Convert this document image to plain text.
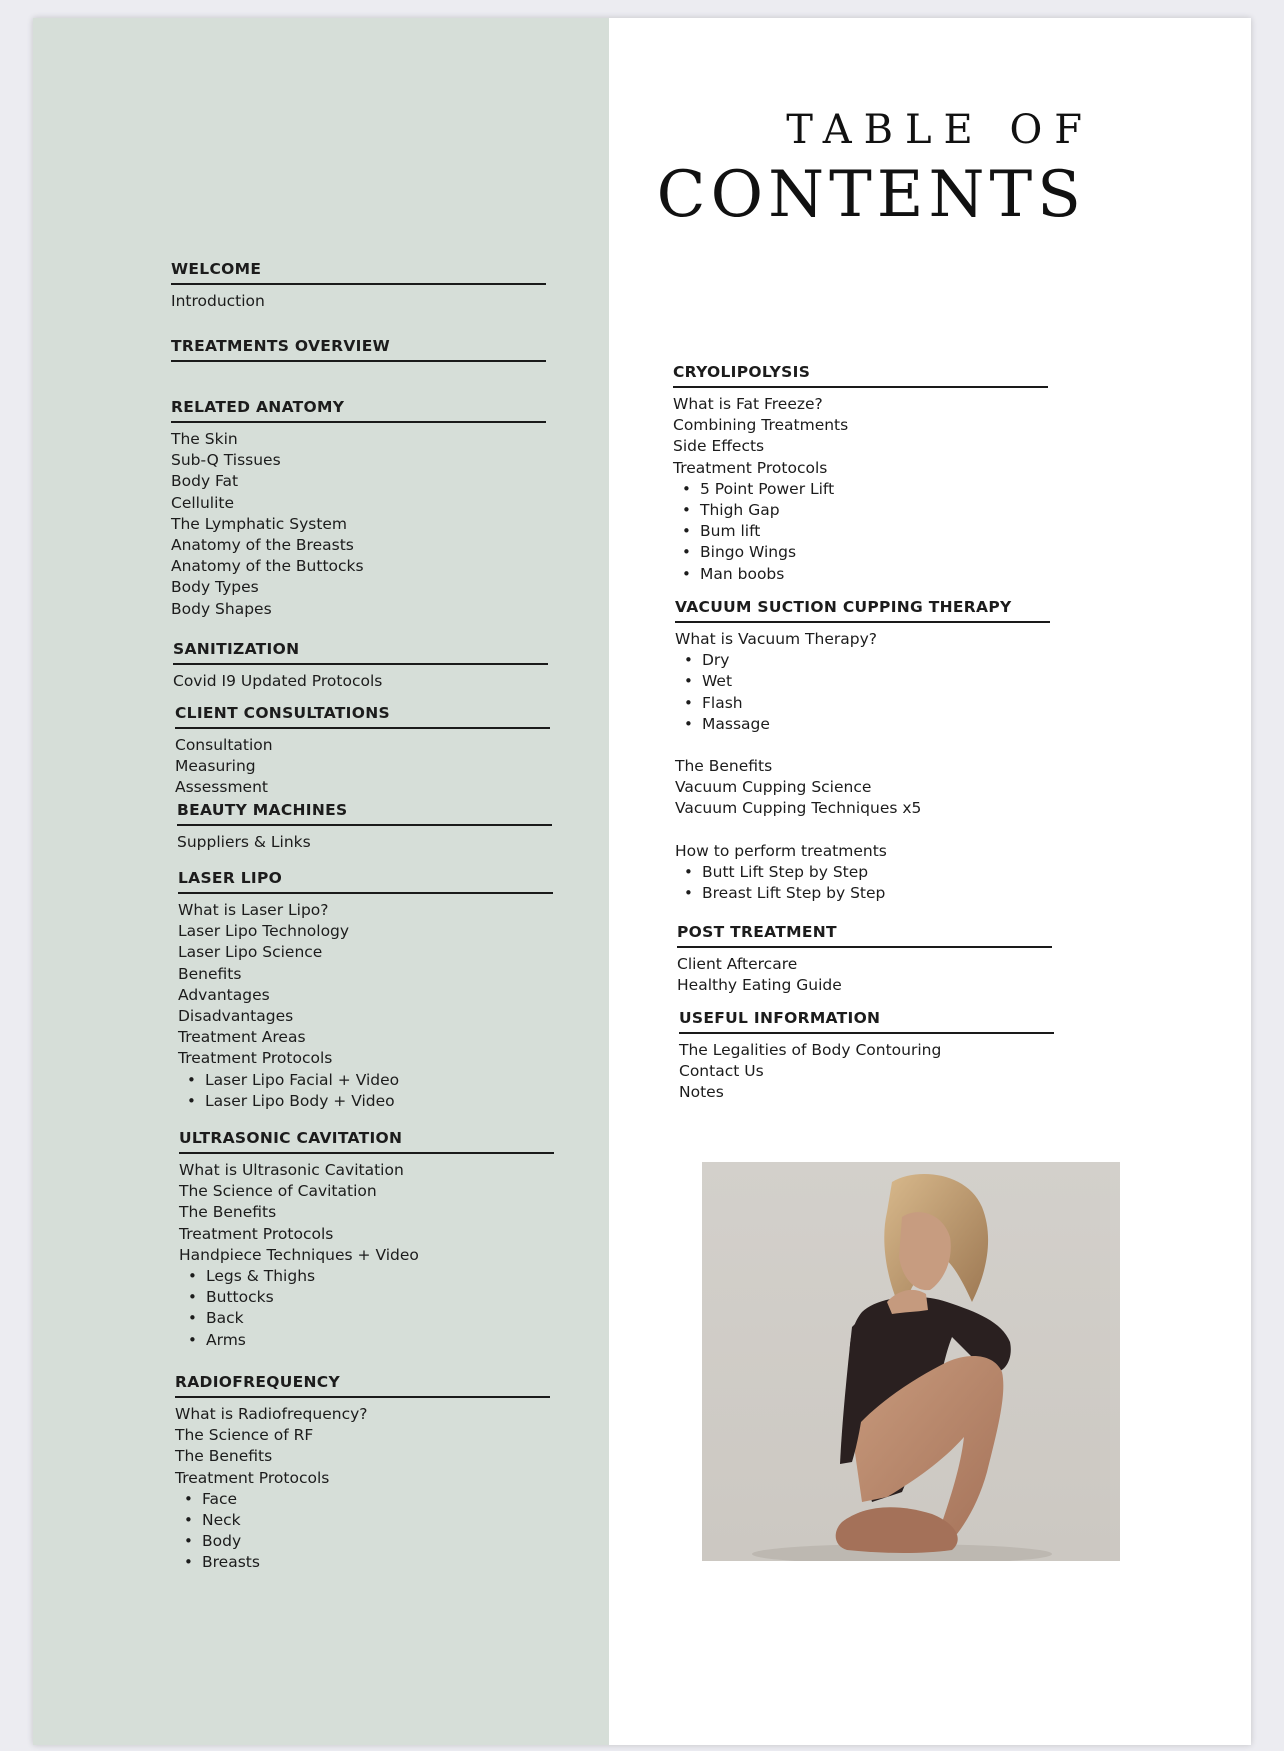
WELCOME
Introduction
TREATMENTS OVERVIEW
RELATED ANATOMY
The Skin
Sub-Q Tissues
Body Fat
Cellulite
The Lymphatic System
Anatomy of the Breasts
Anatomy of the Buttocks
Body Types
Body Shapes
SANITIZATION
Covid I9 Updated Protocols
CLIENT CONSULTATIONS
Consultation
Measuring
Assessment
BEAUTY MACHINES
Suppliers & Links
LASER LIPO
What is Laser Lipo?
Laser Lipo Technology
Laser Lipo Science
Benefits
Advantages
Disadvantages
Treatment Areas
Treatment Protocols
• Laser Lipo Facial + Video
• Laser Lipo Body + Video
ULTRASONIC CAVITATION
What is Ultrasonic Cavitation
The Science of Cavitation
The Benefits
Treatment Protocols
Handpiece Techniques + Video
• Legs & Thighs
• Buttocks
• Back
• Arms
RADIOFREQUENCY
What is Radiofrequency?
The Science of RF
The Benefits
Treatment Protocols
• Face
• Neck
• Body
• Breasts
TABLE OF
CONTENTS
CRYOLIPOLYSIS
What is Fat Freeze?
Combining Treatments
Side Effects
Treatment Protocols
• 5 Point Power Lift
• Thigh Gap
• Bum lift
• Bingo Wings
• Man boobs
VACUUM SUCTION CUPPING THERAPY
What is Vacuum Therapy?
• Dry
• Wet
• Flash
• Massage
The Benefits
Vacuum Cupping Science
Vacuum Cupping Techniques x5
How to perform treatments
• Butt Lift Step by Step
• Breast Lift Step by Step
POST TREATMENT
Client Aftercare
Healthy Eating Guide
USEFUL INFORMATION
The Legalities of Body Contouring
Contact Us
Notes
